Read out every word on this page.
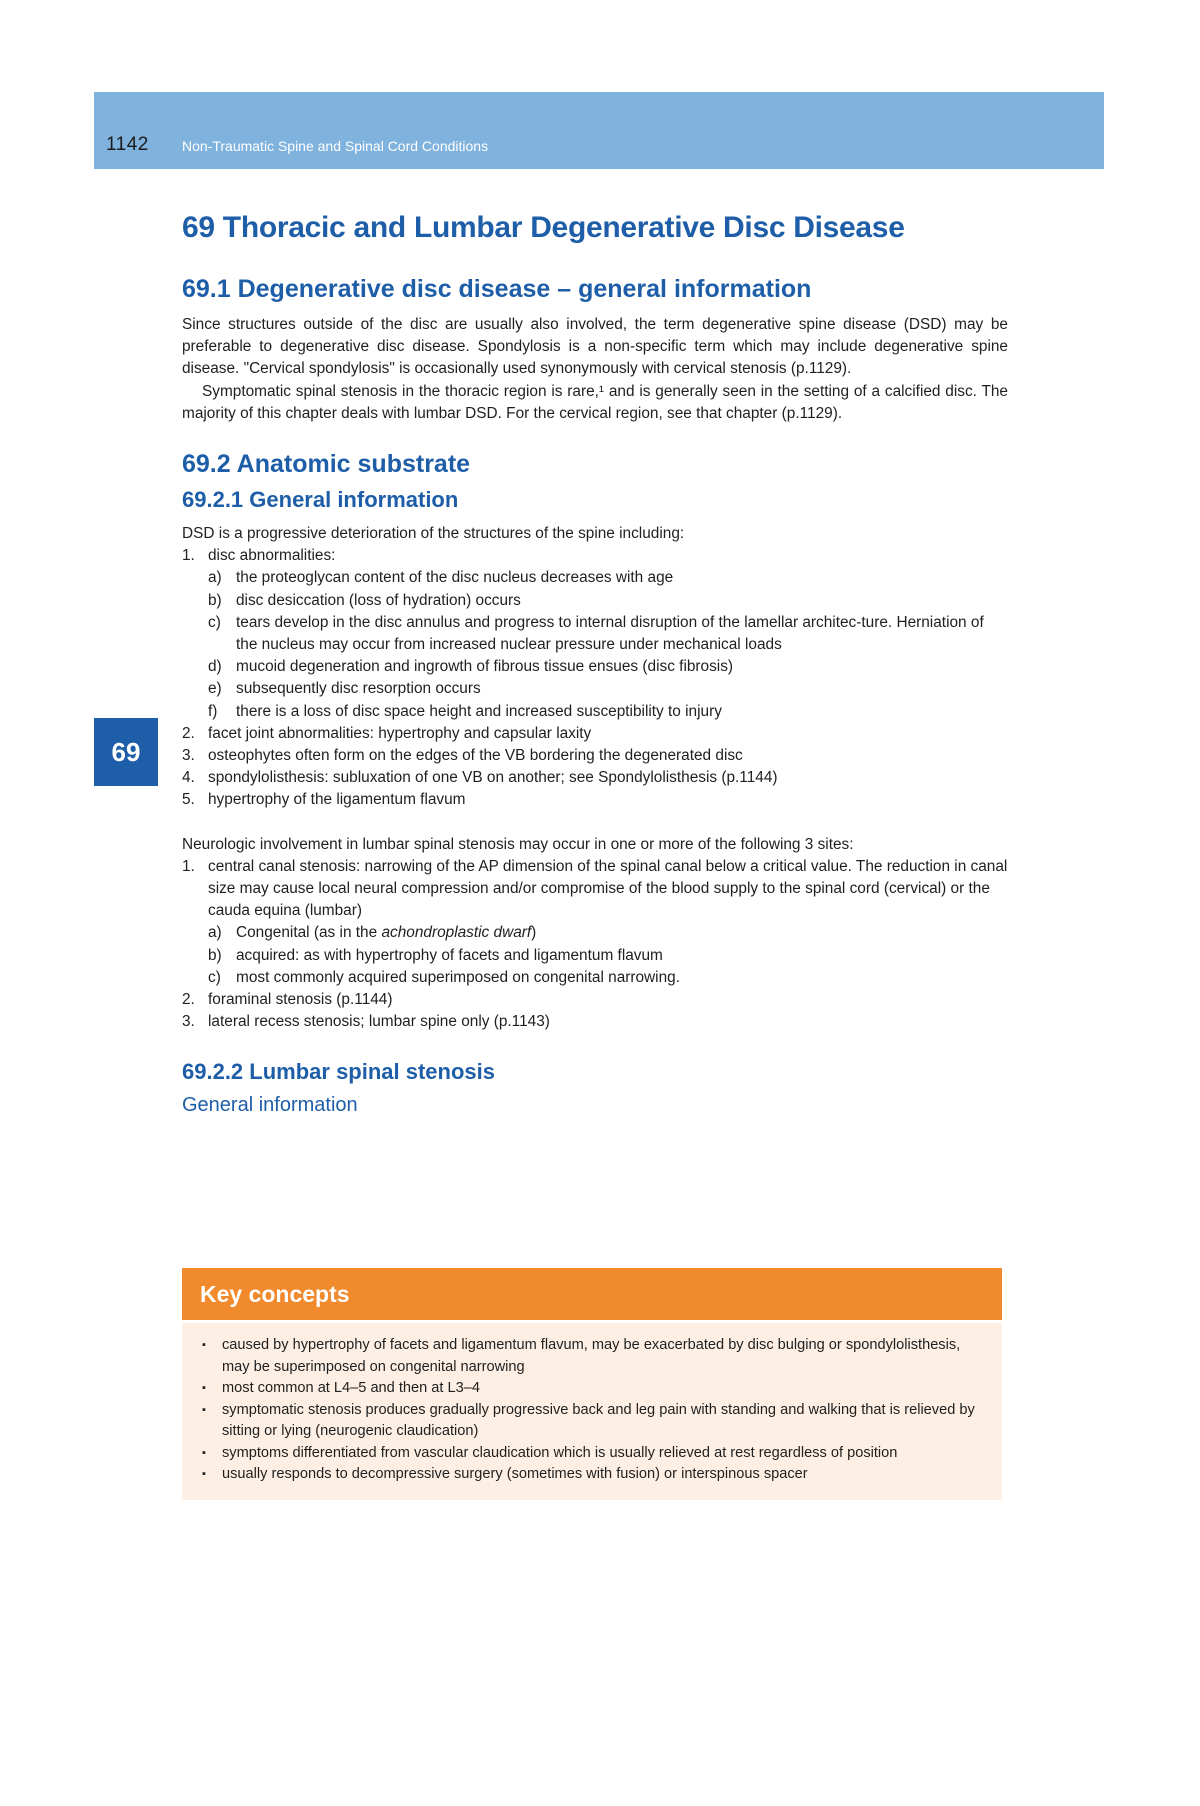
1142 Non-Traumatic Spine and Spinal Cord Conditions
69
69 Thoracic and Lumbar Degenerative Disc Disease
69.1 Degenerative disc disease – general information

Since structures outside of the disc are usually also involved, the term degenerative spine disease (DSD) may be preferable to degenerative disc disease. Spondylosis is a non-specific term which may include degenerative spine disease. "Cervical spondylosis" is occasionally used synonymously with cervical stenosis (p.1129).

Symptomatic spinal stenosis in the thoracic region is rare,¹ and is generally seen in the setting of a calcified disc. The majority of this chapter deals with lumbar DSD. For the cervical region, see that chapter (p.1129).

69.2 Anatomic substrate
69.2.1 General information

DSD is a progressive deterioration of the structures of the spine including:

1. disc abnormalities:
a) the proteoglycan content of the disc nucleus decreases with age
b) disc desiccation (loss of hydration) occurs
c) tears develop in the disc annulus and progress to internal disruption of the lamellar architec-ture. Herniation of the nucleus may occur from increased nuclear pressure under mechanical loads
d) mucoid degeneration and ingrowth of fibrous tissue ensues (disc fibrosis)
e) subsequently disc resorption occurs
f)	there is a loss of disc space height and increased susceptibility to injury
2. facet joint abnormalities: hypertrophy and capsular laxity
3. osteophytes often form on the edges of the VB bordering the degenerated disc
4. spondylolisthesis: subluxation of one VB on another; see Spondylolisthesis (p.1144)
5. hypertrophy of the ligamentum flavum

Neurologic involvement in lumbar spinal stenosis may occur in one or more of the following 3 sites:

1. central canal stenosis: narrowing of the AP dimension of the spinal canal below a critical value. The reduction in canal size may cause local neural compression and/or compromise of the blood supply to the spinal cord (cervical) or the cauda equina (lumbar)
a) Congenital (as in the achondroplastic dwarf)
b) acquired: as with hypertrophy of facets and ligamentum flavum
c) most commonly acquired superimposed on congenital narrowing.
2. foraminal stenosis (p.1144)
3. lateral recess stenosis; lumbar spine only (p.1143)
69.2.2 Lumbar spinal stenosis
General information
Key concepts
▪	caused by hypertrophy of facets and ligamentum flavum, may be exacerbated by disc bulging or spondylolisthesis, may be superimposed on congenital narrowing
▪	most common at L4–5 and then at L3–4
▪	symptomatic stenosis produces gradually progressive back and leg pain with standing and walking that is relieved by sitting or lying (neurogenic claudication)
▪	symptoms differentiated from vascular claudication which is usually relieved at rest regardless of position
▪	usually responds to decompressive surgery (sometimes with fusion) or interspinous spacer
